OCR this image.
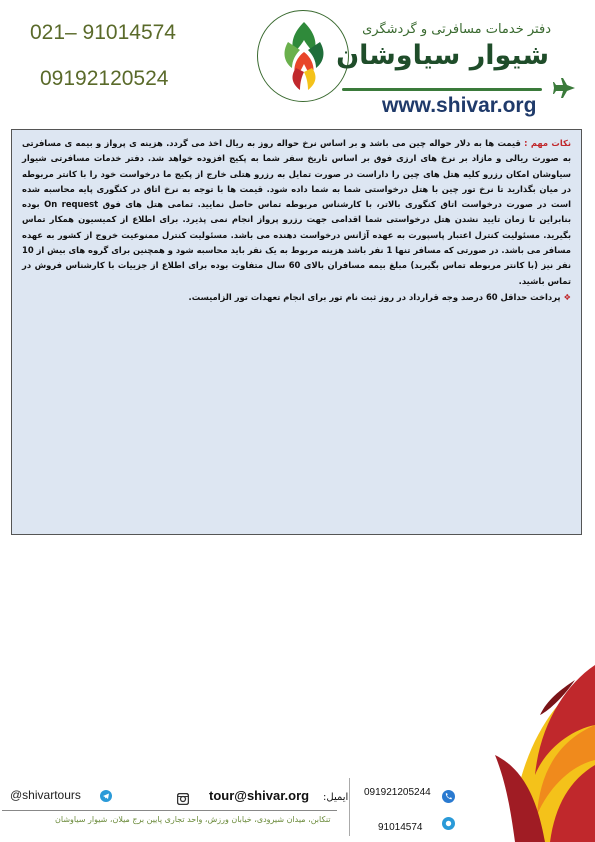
021– 91014574
09192120524
دفتر خدمات مسافرتی و گردشگری
شیوار سیاوشان
www.shivar.org
نکات مهم : قیمت ها به دلار حواله چین می باشد و بر اساس نرخ حواله روز به ریال اخذ می گردد. هزینه ی پرواز و بیمه ی مسافرتی به صورت ریالی و مازاد بر نرخ های ارزی فوق بر اساس تاریخ سفر شما به پکیج افزوده خواهد شد. دفتر خدمات مسافرتی شیوار سیاوشان امکان رزرو کلیه هتل های چین را داراست در صورت تمایل به رزرو هتلی خارج از پکیج ما درخواست خود را با کانتر مربوطه در میان بگذارید تا نرخ تور چین با هتل درخواستی شما به شما داده شود. قیمت ها با توجه به نرخ اتاق در کنگوری پایه محاسبه شده است در صورت درخواست اتاق کنگوری بالاتر، با کارشناس مربوطه تماس حاصل نمایید. تمامی هتل های فوق On request بوده بنابراین تا زمان تایید نشدن هتل درخواستی شما اقدامی جهت رزرو پرواز انجام نمی پذیرد. برای اطلاع از کمیسیون همکار تماس بگیرید. مسئولیت کنترل اعتبار پاسپورت به عهده آژانس درخواست دهنده می باشد. مسئولیت کنترل ممنوعیت خروج از کشور به عهده مسافر می باشد. در صورتی که مسافر تنها 1 نفر باشد هزینه مربوط به یک نفر باید محاسبه شود و همچنین برای گروه های بیش از 10 نفر نیز (با کانتر مربوطه تماس بگیرید) مبلغ بیمه مسافران بالای 60 سال متفاوت بوده برای اطلاع از جزییات با کارشناس فروش در تماس باشید.
❖ پرداخت حداقل 60 درصد وجه قرارداد در روز ثبت نام تور برای انجام تعهدات تور الزامیست.
@shivartours	tour@shivar.org ایمیل: 091921205244
تنکابن، میدان شیرودی، خیابان ورزش، واحد تجاری پایین برج میلان، شیوار سیاوشان
91014574
